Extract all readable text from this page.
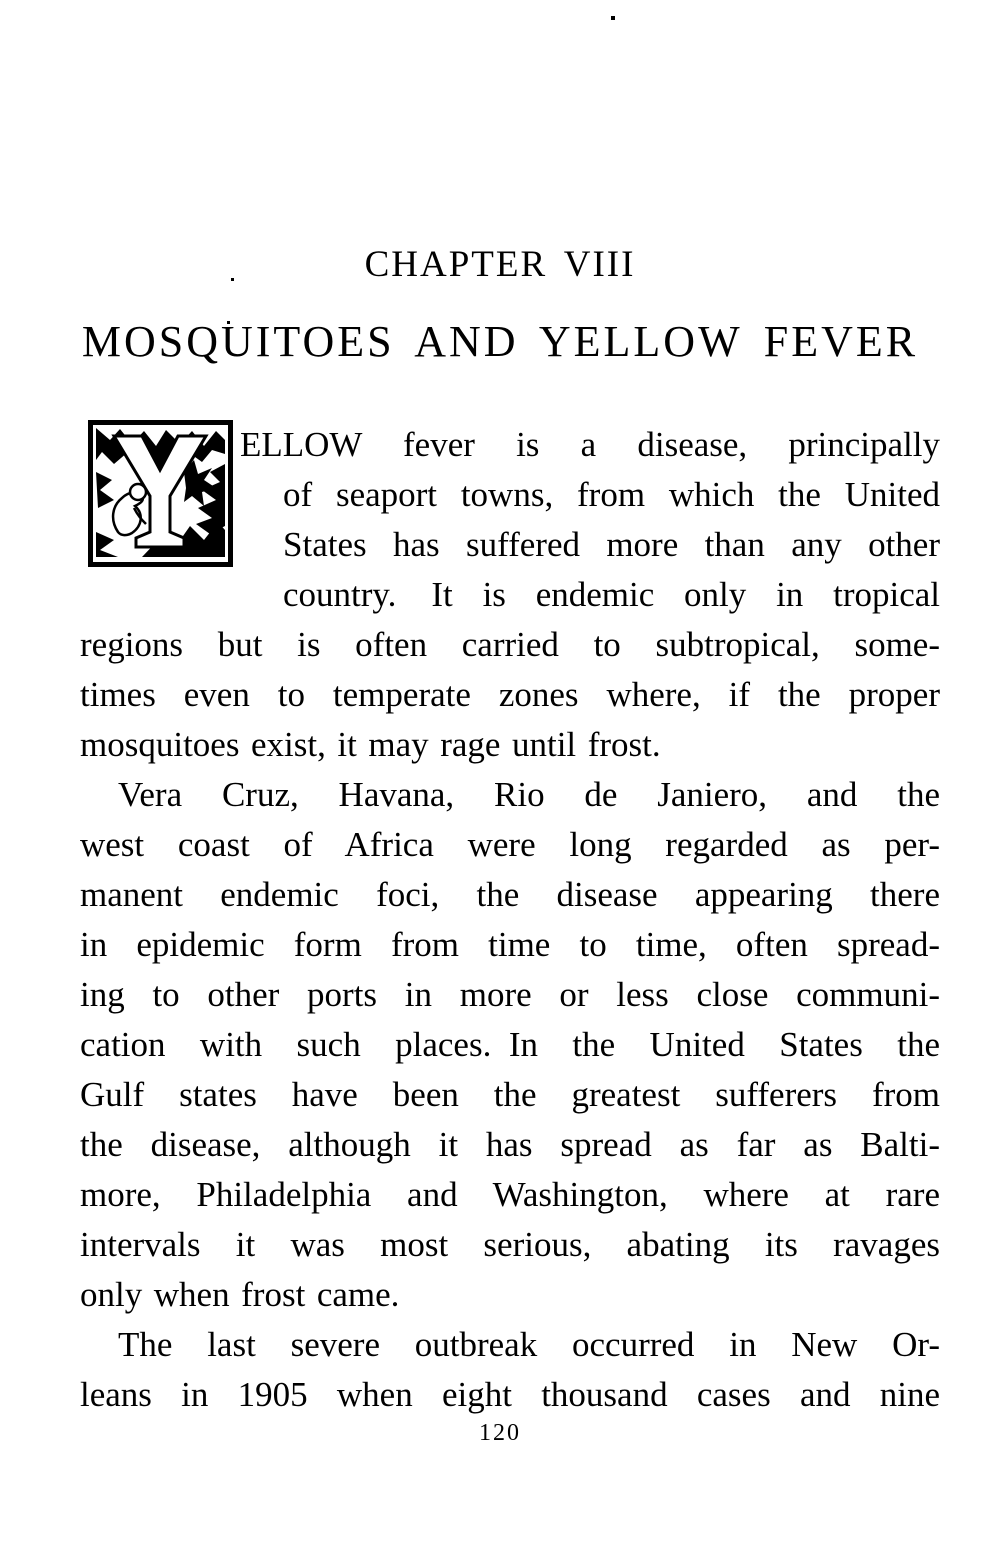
CHAPTER VIII
MOSQUITOES AND YELLOW FEVER
ELLOW fever is a disease, principally
of seaport towns, from which the United
States has suffered more than any other
country. It is endemic only in tropical
regions but is often carried to subtropical, some-
times even to temperate zones where, if the proper
mosquitoes exist, it may rage until frost.
Vera Cruz, Havana, Rio de Janiero, and the
west coast of Africa were long regarded as per-
manent endemic foci, the disease appearing there
in epidemic form from time to time, often spread-
ing to other ports in more or less close communi-
cation with such places. In the United States the
Gulf states have been the greatest sufferers from
the disease, although it has spread as far as Balti-
more, Philadelphia and Washington, where at rare
intervals it was most serious, abating its ravages
only when frost came.
The last severe outbreak occurred in New Or-
leans in 1905 when eight thousand cases and nine
120
